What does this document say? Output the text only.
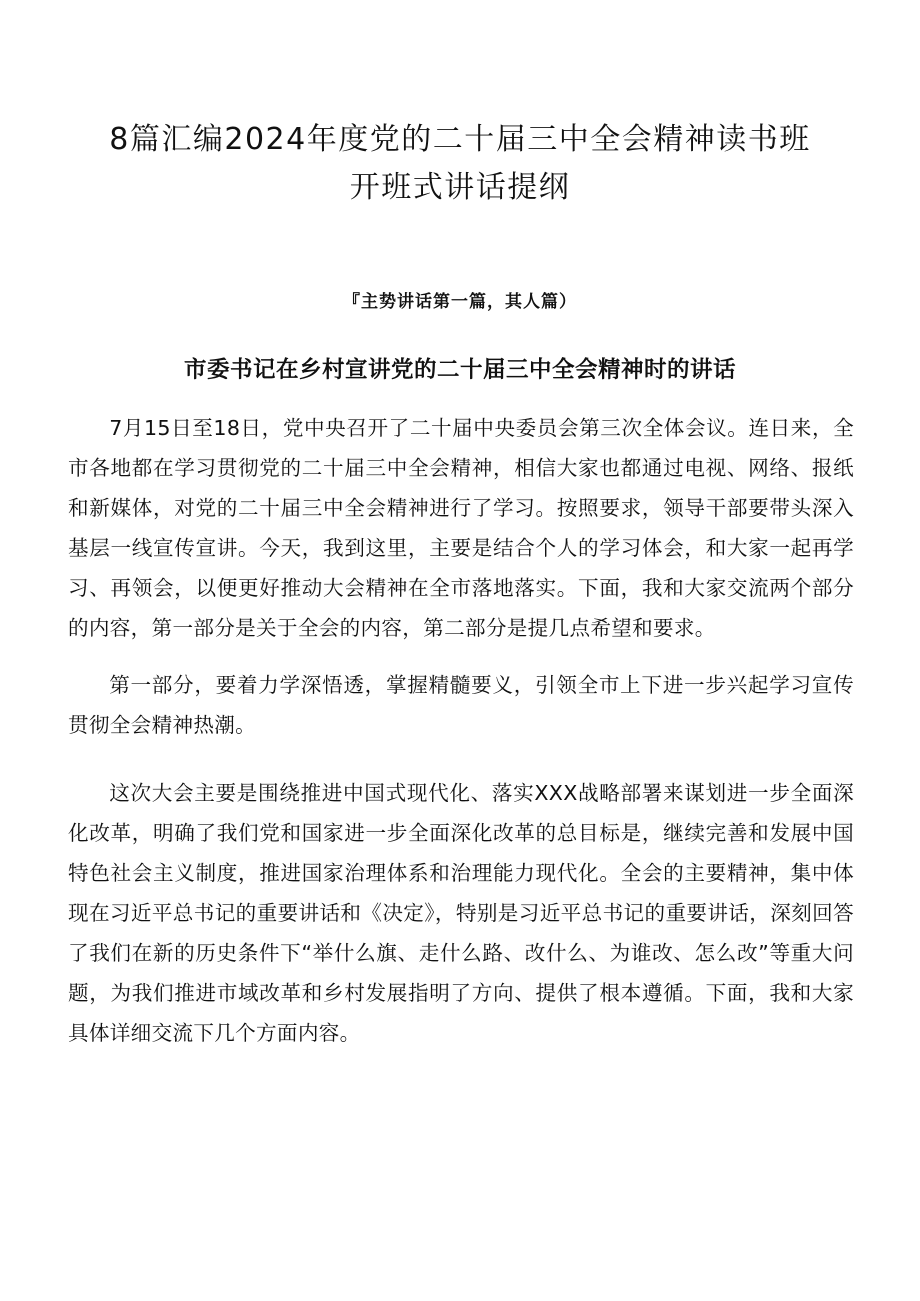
8篇汇编2024年度党的二十届三中全会精神读书班
开班式讲话提纲
『主势讲话第一篇，其人篇）
市委书记在乡村宣讲党的二十届三中全会精神时的讲话

7月15日至18日，党中央召开了二十届中央委员会第三次全体会议。连日来，全市各地都在学习贯彻党的二十届三中全会精神，相信大家也都通过电视、网络、报纸和新媒体，对党的二十届三中全会精神进行了学习。按照要求，领导干部要带头深入基层一线宣传宣讲。今天，我到这里，主要是结合个人的学习体会，和大家一起再学习、再领会，以便更好推动大会精神在全市落地落实。下面，我和大家交流两个部分的内容，第一部分是关于全会的内容，第二部分是提几点希望和要求。

第一部分，要着力学深悟透，掌握精髓要义，引领全市上下进一步兴起学习宣传贯彻全会精神热潮。

这次大会主要是围绕推进中国式现代化、落实XXX战略部署来谋划进一步全面深化改革，明确了我们党和国家进一步全面深化改革的总目标是，继续完善和发展中国特色社会主义制度，推进国家治理体系和治理能力现代化。全会的主要精神，集中体现在习近平总书记的重要讲话和《决定》，特别是习近平总书记的重要讲话，深刻回答了我们在新的历史条件下“举什么旗、走什么路、改什么、为谁改、怎么改”等重大问题，为我们推进市域改革和乡村发展指明了方向、提供了根本遵循。下面，我和大家具体详细交流下几个方面内容。
